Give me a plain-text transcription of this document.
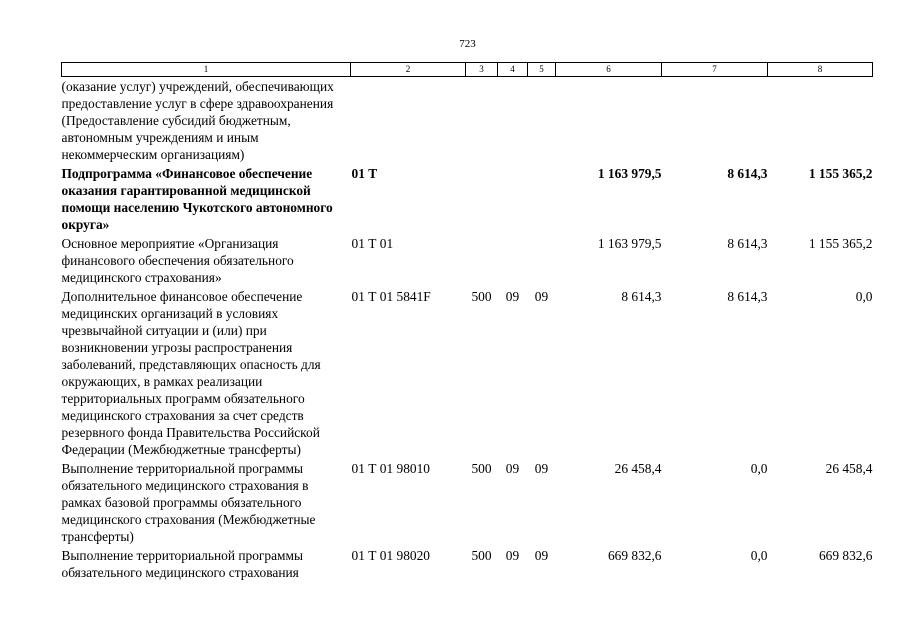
723
1	2	3	4	5	6	7	8
(оказание услуг) учреждений, обеспечивающих предоставление услуг в сфере здравоохранения (Предоставление субсидий бюджетным, автономным учреждениям и иным некоммерческим организациям)							
Подпрограмма «Финансовое обеспечение оказания гарантированной медицинской помощи населению Чукотского автономного округа»	01 Т				1 163 979,5	8 614,3	1 155 365,2
Основное мероприятие «Организация финансового обеспечения обязательного медицинского страхования»	01 Т 01				1 163 979,5	8 614,3	1 155 365,2
Дополнительное финансовое обеспечение медицинских организаций в условиях чрезвычайной ситуации и (или) при возникновении угрозы распространения заболеваний, представляющих опасность для окружающих, в рамках реализации территориальных программ обязательного медицинского страхования за счет средств резервного фонда Правительства Российской Федерации (Межбюджетные трансферты)	01 Т 01 5841F	500	09	09	8 614,3	8 614,3	0,0
Выполнение территориальной программы обязательного медицинского страхования в рамках базовой программы обязательного медицинского страхования (Межбюджетные трансферты)	01 Т 01 98010	500	09	09	26 458,4	0,0	26 458,4
Выполнение территориальной программы обязательного медицинского страхования	01 Т 01 98020	500	09	09	669 832,6	0,0	669 832,6
